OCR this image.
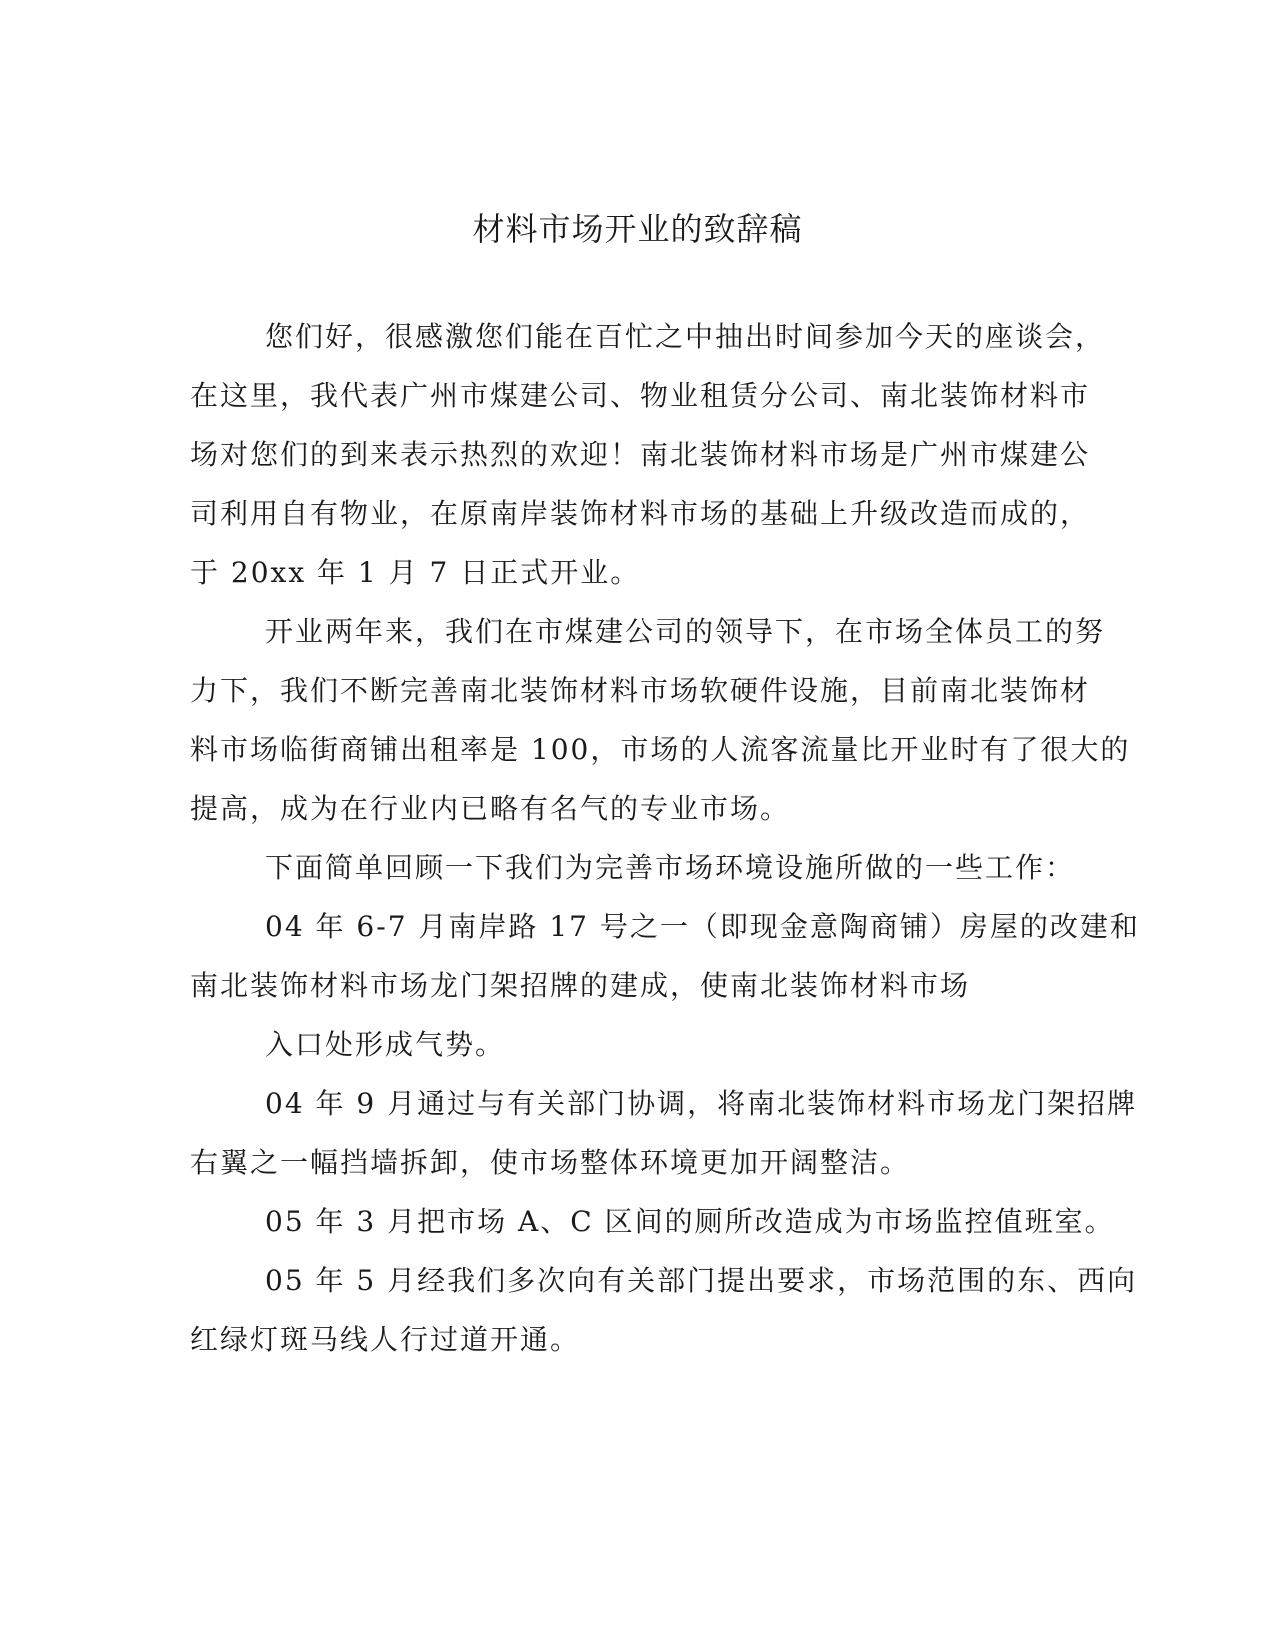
材料市场开业的致辞稿
您们好，很感激您们能在百忙之中抽出时间参加今天的座谈会，
在这里，我代表广州市煤建公司、物业租赁分公司、南北装饰材料市
场对您们的到来表示热烈的欢迎！南北装饰材料市场是广州市煤建公
司利用自有物业，在原南岸装饰材料市场的基础上升级改造而成的，
于 20xx 年 1 月 7 日正式开业。
开业两年来，我们在市煤建公司的领导下，在市场全体员工的努
力下，我们不断完善南北装饰材料市场软硬件设施，目前南北装饰材
料市场临街商铺出租率是 100，市场的人流客流量比开业时有了很大的
提高，成为在行业内已略有名气的专业市场。
下面简单回顾一下我们为完善市场环境设施所做的一些工作：
04 年 6-7 月南岸路 17 号之一（即现金意陶商铺）房屋的改建和
南北装饰材料市场龙门架招牌的建成，使南北装饰材料市场
入口处形成气势。
04 年 9 月通过与有关部门协调，将南北装饰材料市场龙门架招牌
右翼之一幅挡墙拆卸，使市场整体环境更加开阔整洁。
05 年 3 月把市场 A、C 区间的厕所改造成为市场监控值班室。
05 年 5 月经我们多次向有关部门提出要求，市场范围的东、西向
红绿灯斑马线人行过道开通。
